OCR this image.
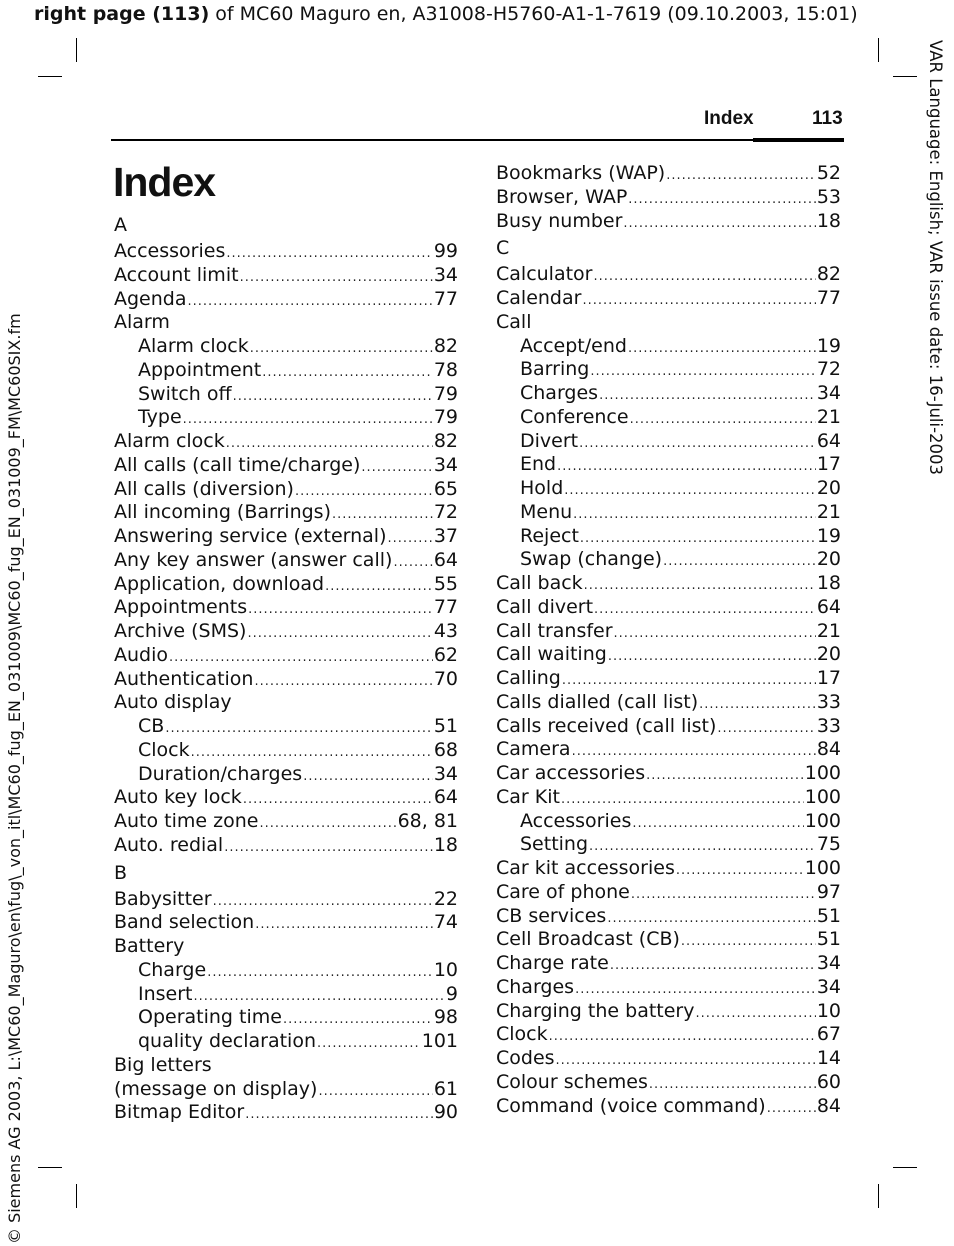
right page (113) of MC60 Maguro en, A31008-H5760-A1-1-7619 (09.10.2003, 15:01)
© Siemens AG 2003, L:\MC60_Maguro\en\fug\_von_itl\MC60_fug_EN_031009\MC60_fug_EN_031009_FM\MC60SIX.fm
VAR Language: English; VAR issue date: 16-Juli-2003
Index	113
Index
A
Accessories .....	99
Account limit .....	34
Agenda .....	77
Alarm
Alarm clock .....	82
Appointment .....	78
Switch off .....	79
Type .....	79
Alarm clock .....	82
All calls (call time/charge) .....	34
All calls (diversion) .....	65
All incoming (Barrings) .....	72
Answering service (external) ..... 37
Any key answer (answer call) ..... 64
Application, download .....	55
Appointments .....	77
Archive (SMS) .....	43
Audio .....	62
Authentication .....	70
Auto display
CB .....	51
Clock .....	68
Duration/charges .....	34
Auto key lock .....	64
Auto time zone .....	68, 81
Auto. redial .....	18
B
Babysitter .....	22
Band selection .....	74
Battery
Charge .....	10
Insert .....	9
Operating time .....	98
quality declaration .....	101
Big letters
(message on display) .....	61
Bitmap Editor .....	90
Bookmarks (WAP) .....	52
Browser, WAP .....	53
Busy number .....	18
C
Calculator .....	82
Calendar .....	77
Call
Accept/end .....	19
Barring .....	72
Charges .....	34
Conference .....	21
Divert .....	64
End .....	17
Hold .....	20
Menu .....	21
Reject .....	19
Swap (change) .....	20
Call back .....	18
Call divert .....	64
Call transfer .....	21
Call waiting .....	20
Calling .....	17
Calls dialled (call list) .....	33
Calls received (call list) .....	33
Camera .....	84
Car accessories .....	100
Car Kit .....	100
Accessories .....	100
Setting .....	75
Car kit accessories .....	100
Care of phone .....	97
CB services .....	51
Cell Broadcast (CB) .....	51
Charge rate .....	34
Charges .....	34
Charging the battery .....	10
Clock .....	67
Codes .....	14
Colour schemes .....	60
Command (voice command) .....	84
